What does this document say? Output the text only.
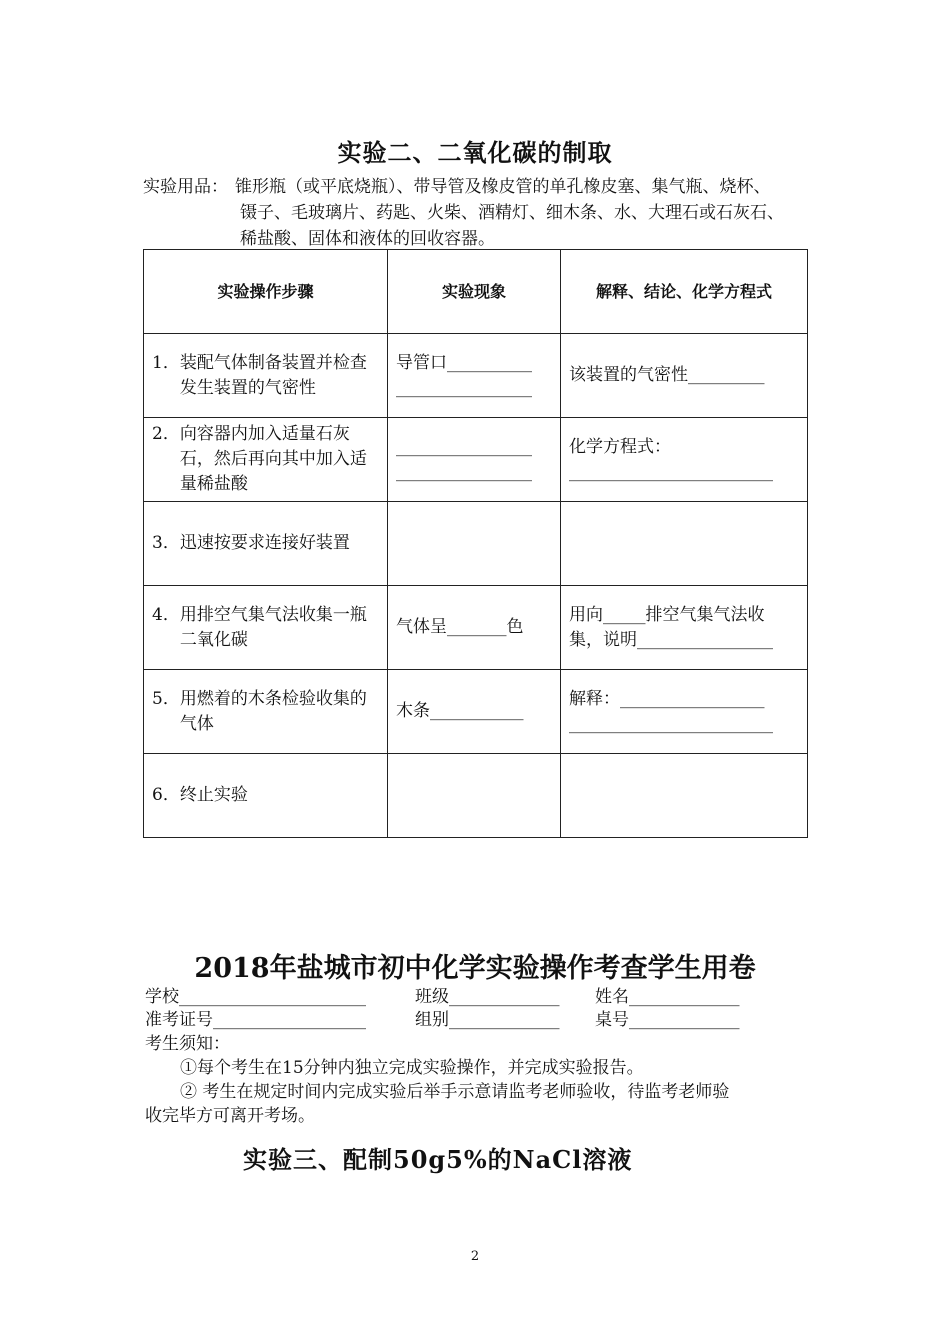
实验二、二氧化碳的制取
实验用品： 锥形瓶（或平底烧瓶）、带导管及橡皮管的单孔橡皮塞、集气瓶、烧杯、
镊子、毛玻璃片、药匙、火柴、酒精灯、细木条、水、大理石或石灰石、
稀盐酸、固体和液体的回收容器。
实验操作步骤	实验现象	解释、结论、化学方程式

1． 装配气体制备装置并检查发生装置的气密性	导管口__________
________________	该装置的气密性_________

2． 向容器内加入适量石灰石，然后再向其中加入适量稀盐酸	________________
________________	化学方程式：
________________________

3． 迅速按要求连接好装置		

4． 用排空气集气法收集一瓶二氧化碳	气体呈_______色	用向_____排空气集气法收
集，说明________________

5． 用燃着的木条检验收集的气体	木条___________	解释：_________________
________________________

6． 终止实验		

2018年盐城市初中化学实验操作考查学生用卷
学校______________________	班级_____________ 姓名_____________
准考证号__________________	组别_____________ 桌号_____________
考生须知：
①每个考生在15分钟内独立完成实验操作，并完成实验报告。
② 考生在规定时间内完成实验后举手示意请监考老师验收，待监考老师验
收完毕方可离开考场。
实验三、配制50g5%的NaCl溶液
2
